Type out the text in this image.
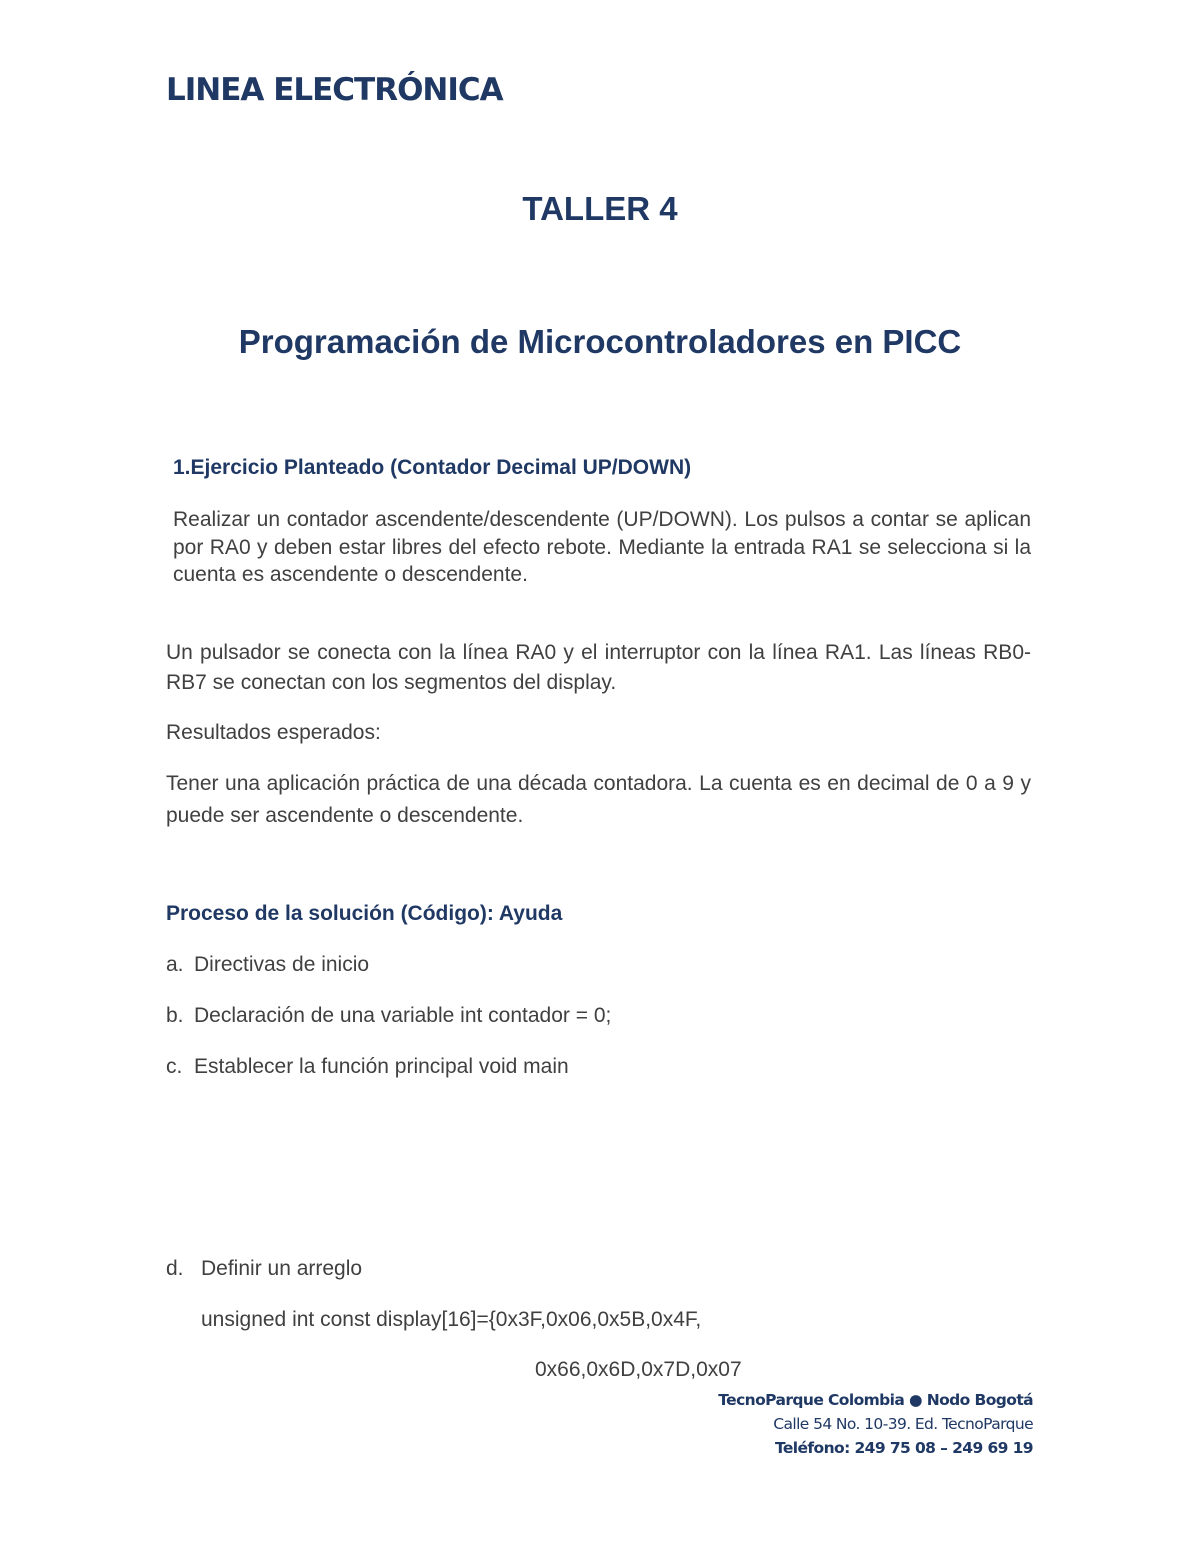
LINEA ELECTRÓNICA
TALLER 4
Programación de Microcontroladores en PICC
1.Ejercicio Planteado (Contador Decimal UP/DOWN)
Realizar un contador ascendente/descendente (UP/DOWN). Los pulsos a contar se aplican por RA0 y deben estar libres del efecto rebote. Mediante la entrada RA1 se selecciona si la cuenta es ascendente o descendente.
Un pulsador se conecta con la línea RA0 y el interruptor con la línea RA1. Las líneas RB0-RB7 se conectan con los segmentos del display.
Resultados esperados:
Tener una aplicación práctica de una década contadora. La cuenta es en decimal de 0 a 9 y puede ser ascendente o descendente.
Proceso de la solución (Código): Ayuda
a. Directivas de inicio
b. Declaración de una variable int contador = 0;
c. Establecer la función principal void main
d. Definir un arreglo
unsigned int const display[16]={0x3F,0x06,0x5B,0x4F,
0x66,0x6D,0x7D,0x07
TecnoParque Colombia ● Nodo Bogotá
Calle 54 No. 10-39. Ed. TecnoParque
Teléfono: 249 75 08 – 249 69 19
